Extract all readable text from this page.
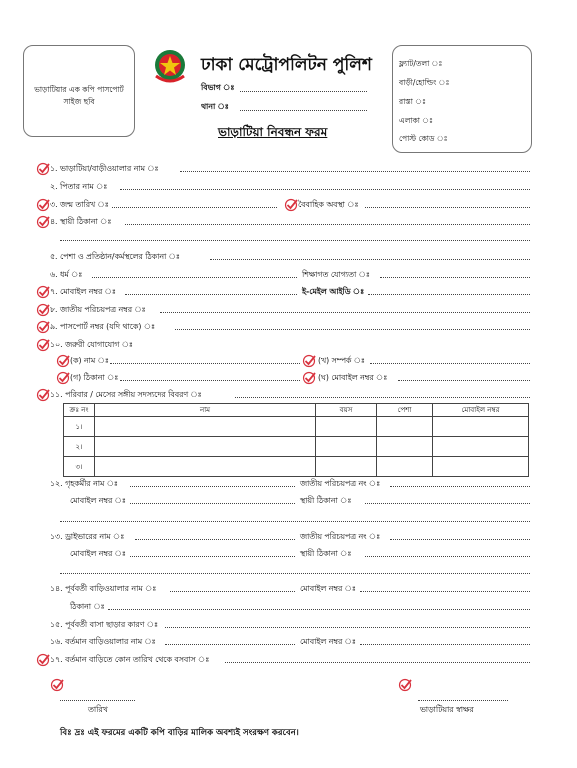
ভাড়াটিয়ার এক কপি পাসপোর্ট সাইজ ছবি
ঢাকা মেট্রোপলিটন পুলিশ
বিভাগ ঃ
থানা ঃ
ভাড়াটিয়া নিবন্ধন ফরম
ফ্ল্যাট/তলা ঃ
বাড়ী/হোল্ডিং ঃ
রাস্তা ঃ
এলাকা ঃ
পোস্ট কোড ঃ
১. ভাড়াটিয়া/বাড়ীওয়ালার নাম ঃ
২. পিতার নাম ঃ
৩. জন্ম তারিখ ঃ	বৈবাহিক অবস্থা ঃ
৪. স্থায়ী ঠিকানা ঃ
৫. পেশা ও প্রতিষ্ঠান/কর্মস্থলের ঠিকানা ঃ
৬. ধর্ম ঃ	শিক্ষাগত যোগ্যতা ঃ
৭. মোবাইল নম্বর ঃ	ই-মেইল আইডি ঃ
৮. জাতীয় পরিচয়পত্র নম্বর ঃ
৯. পাসপোর্ট নম্বর (যদি থাকে) ঃ
১০. জরুরী যোগাযোগ ঃ
(ক) নাম ঃ	(খ) সম্পর্ক ঃ
(গ) ঠিকানা ঃ	(ঘ) মোবাইল নম্বর ঃ
১১. পরিবার / মেসের সঙ্গীয় সদস্যদের বিবরণ ঃ
ক্রঃ নং	নাম	বয়স	পেশা	মোবাইল নম্বর
১।				
২।				
৩।				
১২. গৃহকর্মীর নাম ঃ	জাতীয় পরিচয়পত্র নং ঃ
মোবাইল নম্বর ঃ	স্থায়ী ঠিকানা ঃ
১৩. ড্রাইভারের নাম ঃ	জাতীয় পরিচয়পত্র নং ঃ
মোবাইল নম্বর ঃ	স্থায়ী ঠিকানা ঃ
১৪. পূর্ববর্তী বাড়িওয়ালার নাম ঃ	মোবাইল নম্বর ঃ
ঠিকানা ঃ
১৫. পূর্ববর্তী বাসা ছাড়ার কারণ ঃ
১৬. বর্তমান বাড়িওয়ালার নাম ঃ	মোবাইল নম্বর ঃ
১৭. বর্তমান বাড়িতে কোন তারিখ থেকে বসবাস ঃ
তারিখ	ভাড়াটিয়ার স্বাক্ষর
বিঃ দ্রঃ এই ফরমের একটি কপি বাড়ির মালিক অবশ্যই সংরক্ষণ করবেন।
